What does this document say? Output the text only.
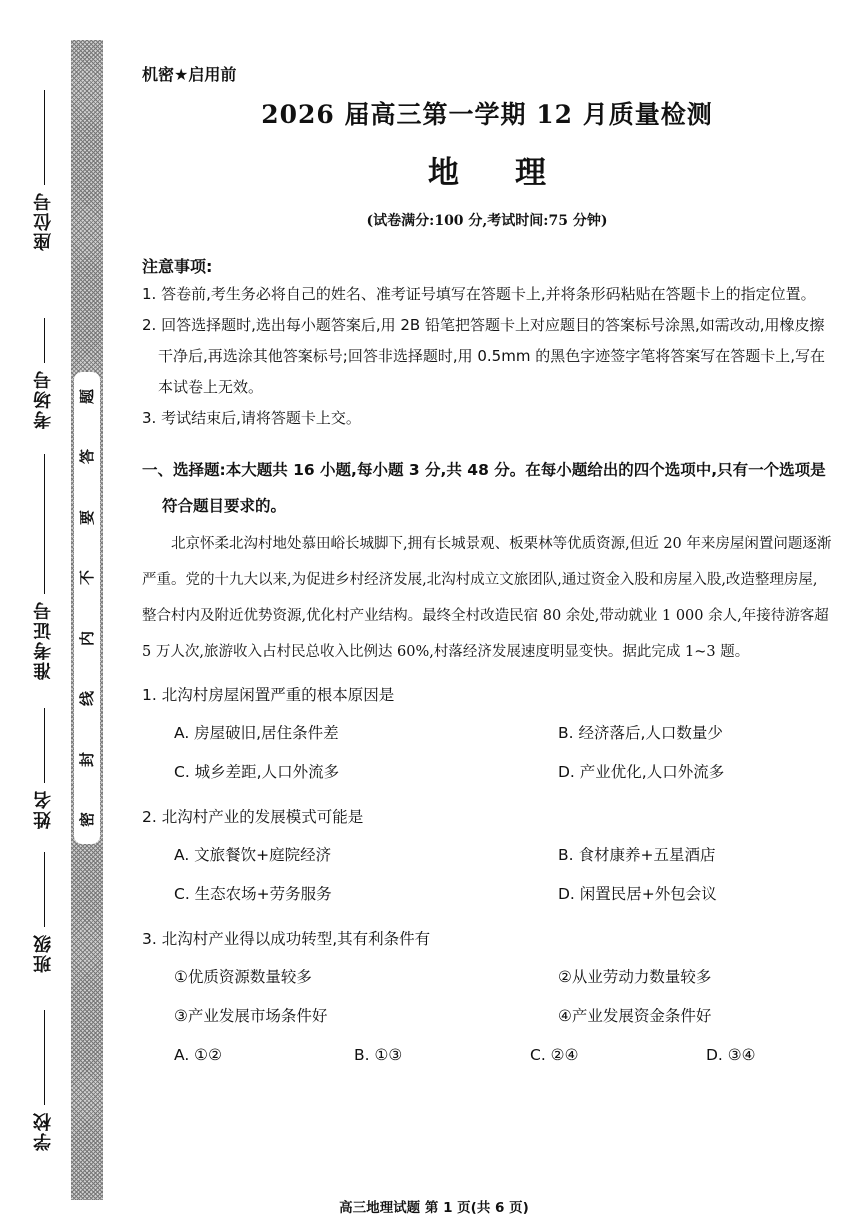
座位号
考场号
准考证号
姓名
班级
学校
题
答
要
不
内
线
封
密
机密★启用前
2026 届高三第一学期 12 月质量检测
地理
(试卷满分:100 分,考试时间:75 分钟)
注意事项:
1. 答卷前,考生务必将自己的姓名、准考证号填写在答题卡上,并将条形码粘贴在答题卡上的指定位置。
2. 回答选择题时,选出每小题答案后,用 2B 铅笔把答题卡上对应题目的答案标号涂黑,如需改动,用橡皮擦干净后,再选涂其他答案标号;回答非选择题时,用 0.5mm 的黑色字迹签字笔将答案写在答题卡上,写在本试卷上无效。
3. 考试结束后,请将答题卡上交。
一、选择题:本大题共 16 小题,每小题 3 分,共 48 分。在每小题给出的四个选项中,只有一个选项是符合题目要求的。
北京怀柔北沟村地处慕田峪长城脚下,拥有长城景观、板栗林等优质资源,但近 20 年来房屋闲置问题逐渐严重。党的十九大以来,为促进乡村经济发展,北沟村成立文旅团队,通过资金入股和房屋入股,改造整理房屋,整合村内及附近优势资源,优化村产业结构。最终全村改造民宿 80 余处,带动就业 1 000 余人,年接待游客超 5 万人次,旅游收入占村民总收入比例达 60%,村落经济发展速度明显变快。据此完成 1~3 题。
1. 北沟村房屋闲置严重的根本原因是
A. 房屋破旧,居住条件差	B. 经济落后,人口数量少
C. 城乡差距,人口外流多	D. 产业优化,人口外流多
2. 北沟村产业的发展模式可能是
A. 文旅餐饮+庭院经济	B. 食材康养+五星酒店
C. 生态农场+劳务服务	D. 闲置民居+外包会议
3. 北沟村产业得以成功转型,其有利条件有
①优质资源数量较多	②从业劳动力数量较多
③产业发展市场条件好	④产业发展资金条件好
A. ①②	B. ①③	C. ②④	D. ③④
高三地理试题 第 1 页(共 6 页)
